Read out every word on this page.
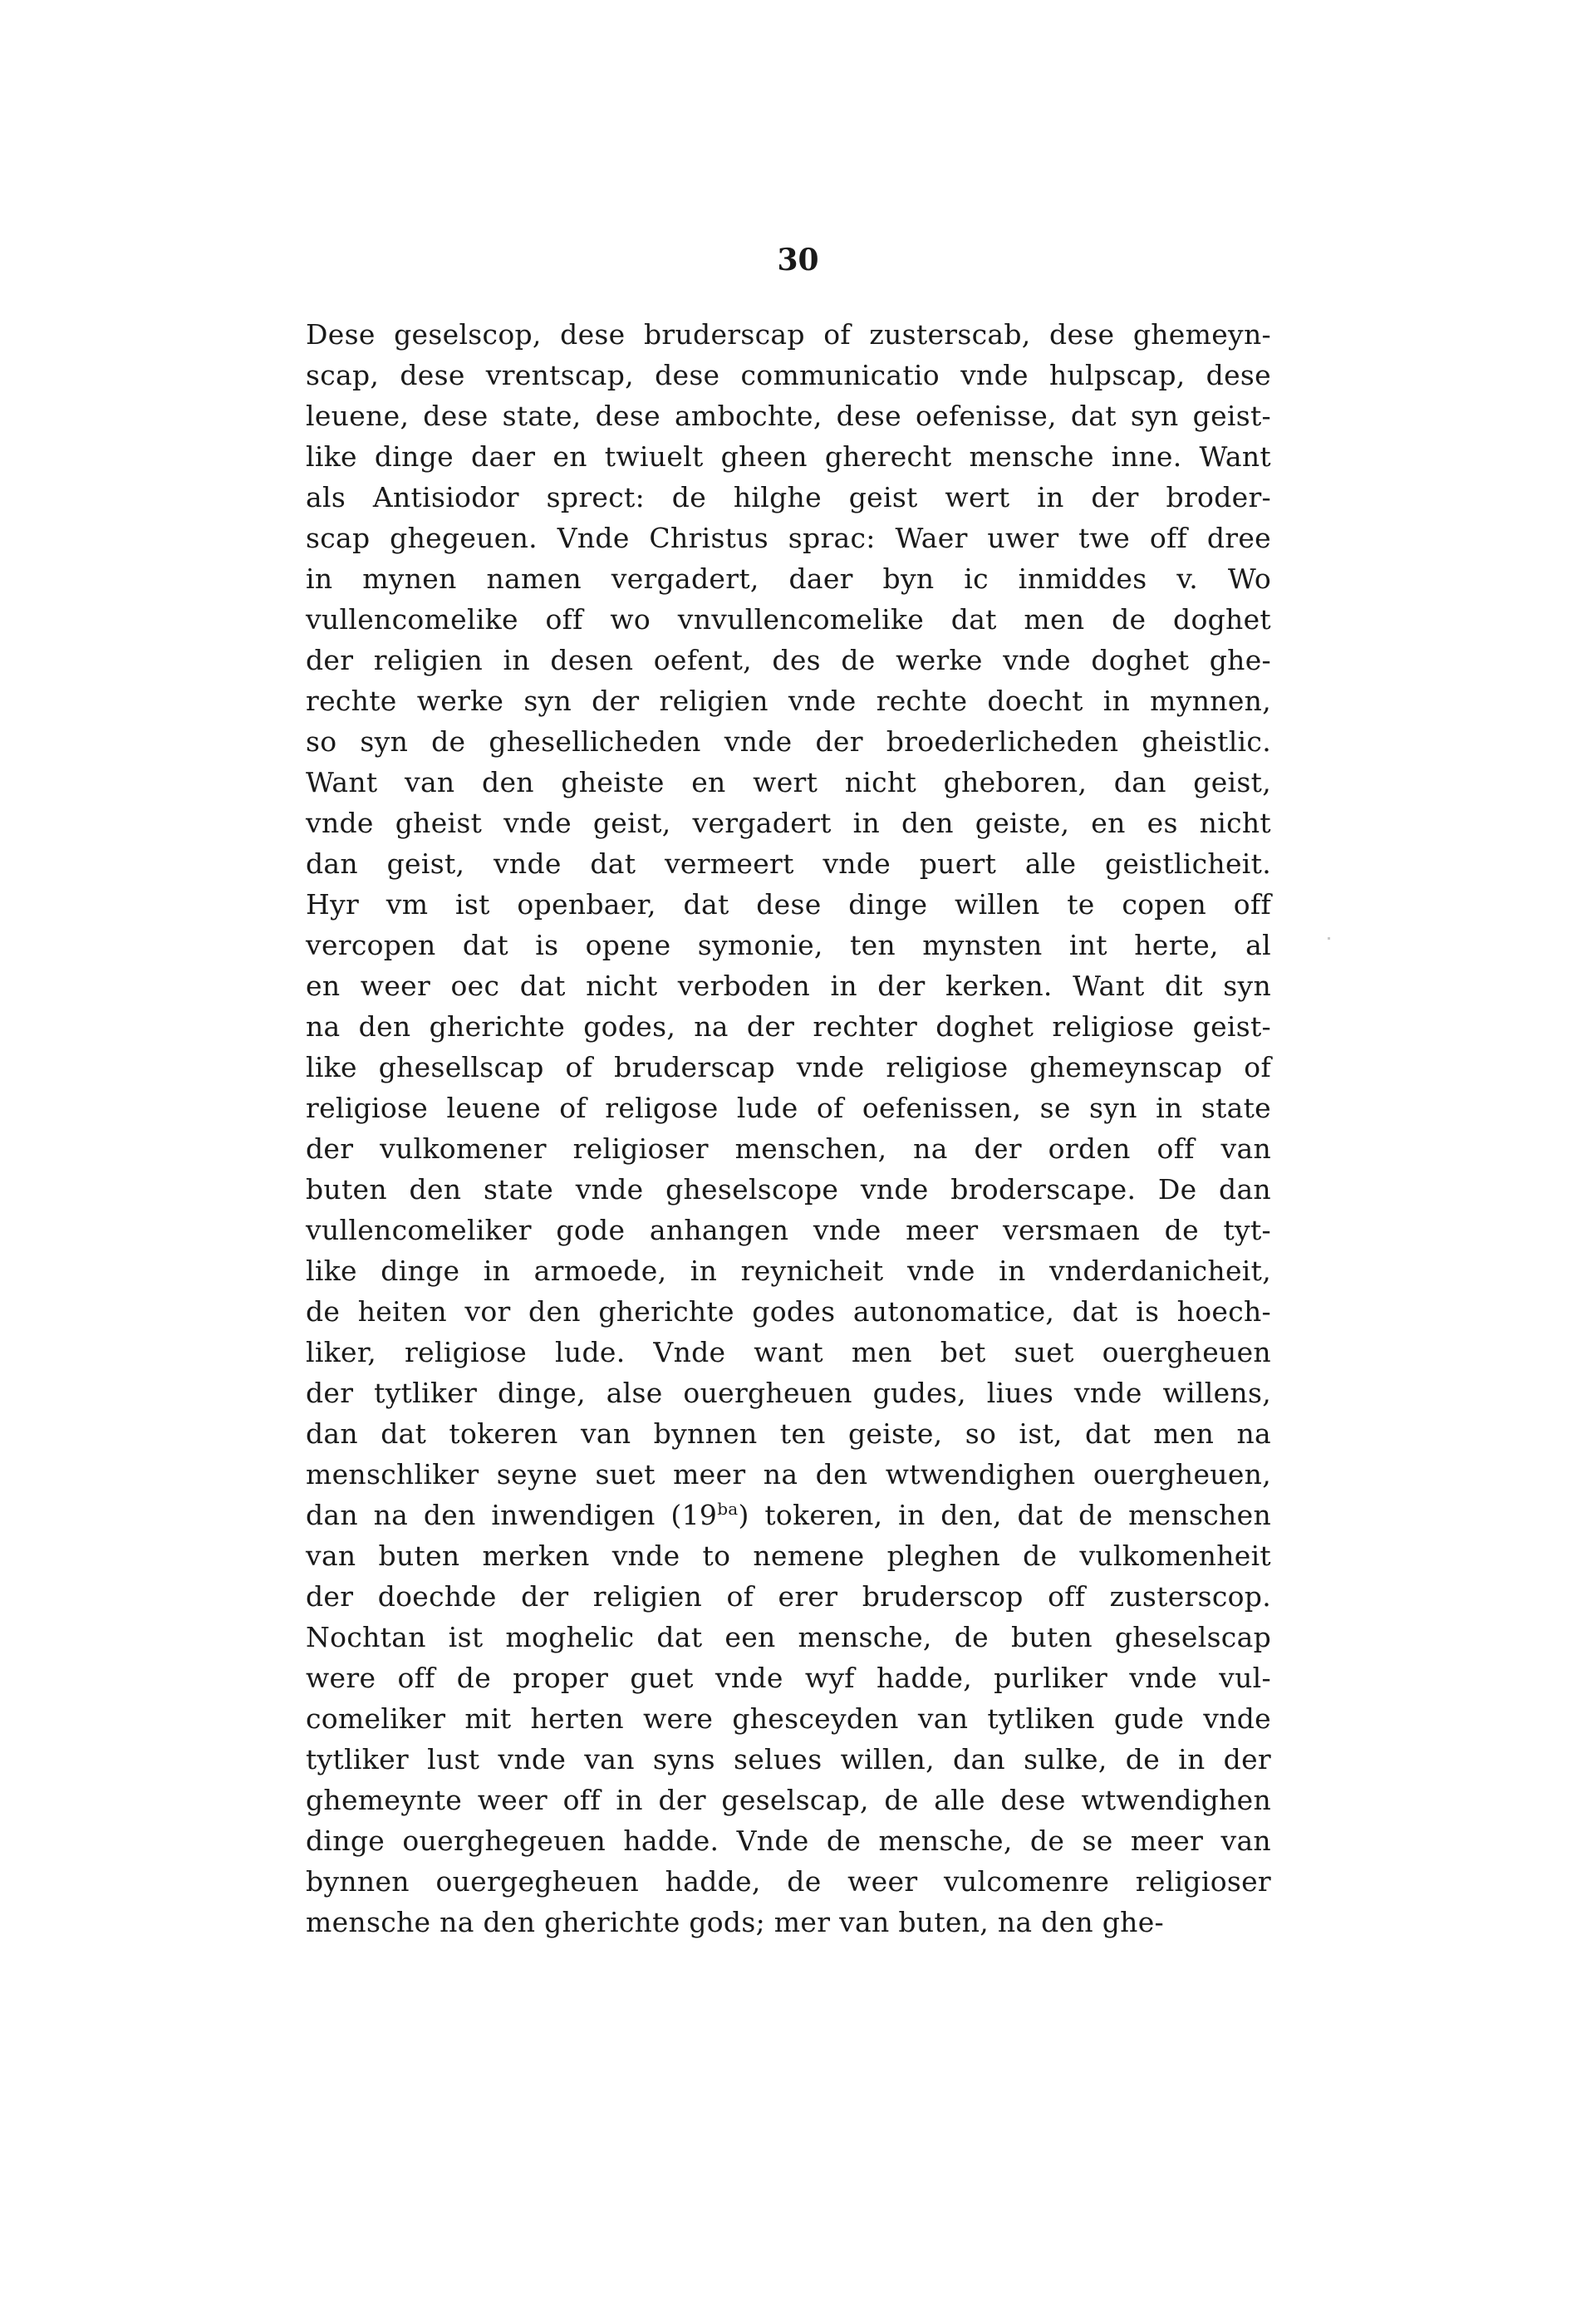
30
Dese geselscop, dese bruderscap of zusterscab, dese ghemeyn-
scap, dese vrentscap, dese communicatio vnde hulpscap, dese
leuene, dese state, dese ambochte, dese oefenisse, dat syn geist-
like dinge daer en twiuelt gheen gherecht mensche inne. Want
als Antisiodor sprect: de hilghe geist wert in der broder-
scap ghegeuen. Vnde Christus sprac: Waer uwer twe off dree
in mynen namen vergadert, daer byn ic inmiddes v. Wo
vullencomelike off wo vnvullencomelike dat men de doghet
der religien in desen oefent, des de werke vnde doghet ghe-
rechte werke syn der religien vnde rechte doecht in mynnen,
so syn de ghesellicheden vnde der broederlicheden gheistlic.
Want van den gheiste en wert nicht gheboren, dan geist,
vnde gheist vnde geist, vergadert in den geiste, en es nicht
dan geist, vnde dat vermeert vnde puert alle geistlicheit.
Hyr vm ist openbaer, dat dese dinge willen te copen off
vercopen dat is opene symonie, ten mynsten int herte, al
en weer oec dat nicht verboden in der kerken. Want dit syn
na den gherichte godes, na der rechter doghet religiose geist-
like ghesellscap of bruderscap vnde religiose ghemeynscap of
religiose leuene of religose lude of oefenissen, se syn in state
der vulkomener religioser menschen, na der orden off van
buten den state vnde gheselscope vnde broderscape. De dan
vullencomeliker gode anhangen vnde meer versmaen de tyt-
like dinge in armoede, in reynicheit vnde in vnderdanicheit,
de heiten vor den gherichte godes autonomatice, dat is hoech-
liker, religiose lude. Vnde want men bet suet ouergheuen
der tytliker dinge, alse ouergheuen gudes, liues vnde willens,
dan dat tokeren van bynnen ten geiste, so ist, dat men na
menschliker seyne suet meer na den wtwendighen ouergheuen,
dan na den inwendigen $(19^{ba})$ tokeren, in den, dat de menschen
van buten merken vnde to nemene pleghen de vulkomenheit
der doechde der religien of erer bruderscop off zusterscop.
Nochtan ist moghelic dat een mensche, de buten gheselscap
were off de proper guet vnde wyf hadde, purliker vnde vul-
comeliker mit herten were ghesceyden van tytliken gude vnde
tytliker lust vnde van syns selues willen, dan sulke, de in der
ghemeynte weer off in der geselscap, de alle dese wtwendighen
dinge ouerghegeuen hadde. Vnde de mensche, de se meer van
bynnen ouergegheuen hadde, de weer vulcomenre religioser
mensche na den gherichte gods; mer van buten, na den ghe-
